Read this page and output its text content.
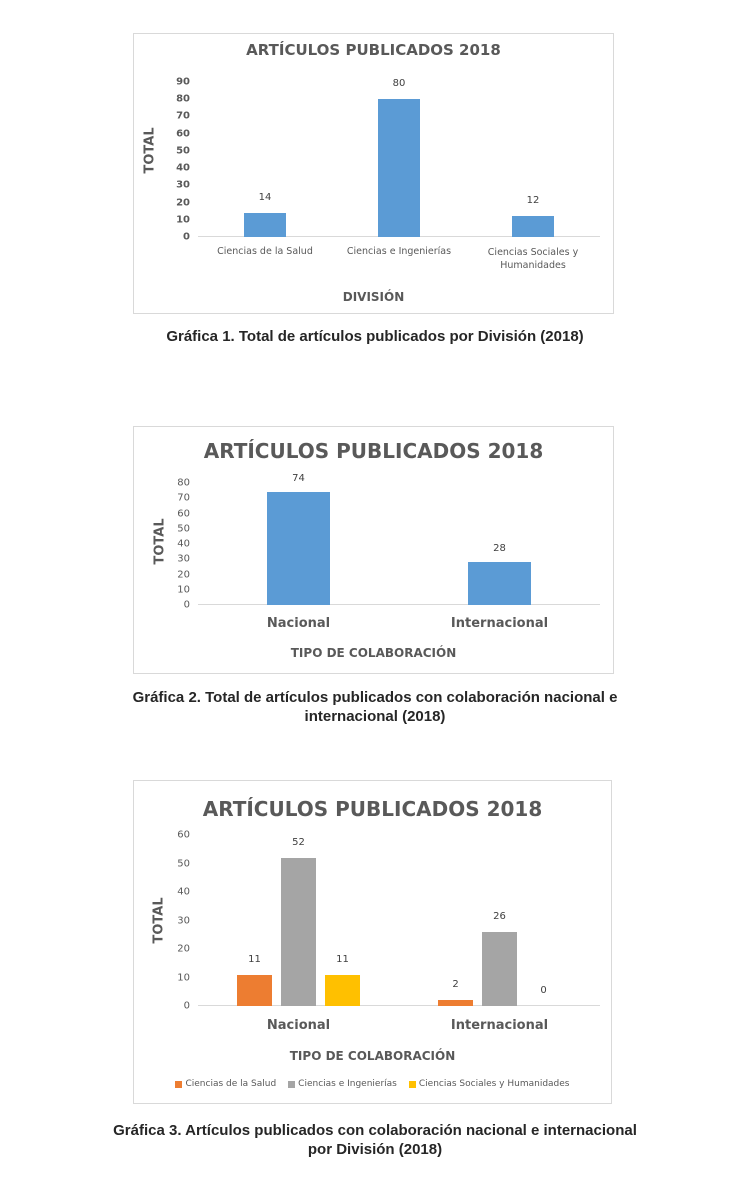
ARTÍCULOS PUBLICADOS 2018
TOTAL
14
80
12
Ciencias de la Salud	Ciencias e Ingenierías	Ciencias Sociales y
Humanidades
DIVISIÓN
0
10
20
30
40
50
60
70
80
90
Gráfica 1. Total de artículos publicados por División (2018)
ARTÍCULOS PUBLICADOS 2018
TOTAL
74
28
Nacional	Internacional
TIPO DE COLABORACIÓN
0
10
20
30
40
50
60
70
80
Gráfica 2. Total de artículos publicados con colaboración nacional e
internacional (2018)
ARTÍCULOS PUBLICADOS 2018
TOTAL
11
52
11
2
26
0
Nacional	Internacional
TIPO DE COLABORACIÓN
Ciencias de la Salud Ciencias e Ingenierías Ciencias Sociales y Humanidades
0
10
20
30
40
50
60
Gráfica 3. Artículos publicados con colaboración nacional e internacional
por División (2018)
